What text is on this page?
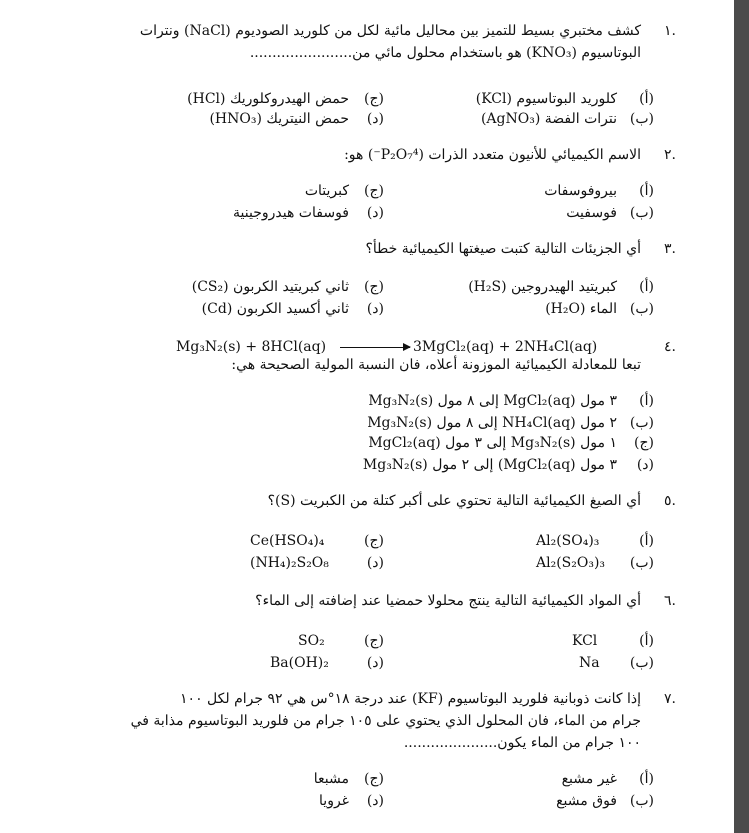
١.
كشف مختبري بسيط للتميز بين محاليل مائية لكل من كلوريد الصوديوم (NaCl) ونترات
البوتاسيوم (KNO₃) هو باستخدام محلول مائي من.......................
(أ)
كلوريد البوتاسيوم (KCl)
(ب)
نترات الفضة (AgNO₃)
(ج)
حمض الهيدروكلوريك (HCl)
(د)
حمض النيتريك (HNO₃)
٢.
الاسم الكيميائي للأنيون متعدد الذرات (P₂O₇⁴⁻) هو:
(أ)
بيروفوسفات
(ب)
فوسفيت
(ج)
كبريتات
(د)
فوسفات هيدروجينية
٣.
أي الجزيئات التالية كتبت صيغتها الكيميائية خطأ؟
(أ)
كبريتيد الهيدروجين (H₂S)
(ب)
الماء (H₂O)
(ج)
ثاني كبريتيد الكربون (CS₂)
(د)
ثاني أكسيد الكربون (Cd)
٤.
Mg₃N₂(s) + 8HCl(aq)	3MgCl₂(aq) + 2NH₄Cl(aq)
تبعا للمعادلة الكيميائية الموزونة أعلاه، فان النسبة المولية الصحيحة هي:
(أ)
٣ مول MgCl₂(aq) إلى ٨ مول Mg₃N₂(s)
(ب)
٢ مول NH₄Cl(aq) إلى ٨ مول Mg₃N₂(s)
(ج)
١ مول Mg₃N₂(s) إلى ٣ مول MgCl₂(aq)
(د)
٣ مول MgCl₂(aq)) إلى ٢ مول Mg₃N₂(s)
٥.
أي الصيغ الكيميائية التالية تحتوي على أكبر كتلة من الكبريت (S)؟
(أ)
Al₂(SO₄)₃
(ب)
Al₂(S₂O₃)₃
(ج)
Ce(HSO₄)₄
(د)
(NH₄)₂S₂O₈
٦.
أي المواد الكيميائية التالية ينتج محلولا حمضيا عند إضافته إلى الماء؟
(أ)
KCl
(ب)
Na
(ج)
SO₂
(د)
Ba(OH)₂
٧.
إذا كانت ذوبانية فلوريد البوتاسيوم (KF) عند درجة ١٨°س هي ٩٢ جرام لكل ١٠٠
جرام من الماء، فان المحلول الذي يحتوي على ١٠٥ جرام من فلوريد البوتاسيوم مذابة في
١٠٠ جرام من الماء يكون.....................
(أ)
غير مشبع
(ب)
فوق مشبع
(ج)
مشبعا
(د)
غرويا
